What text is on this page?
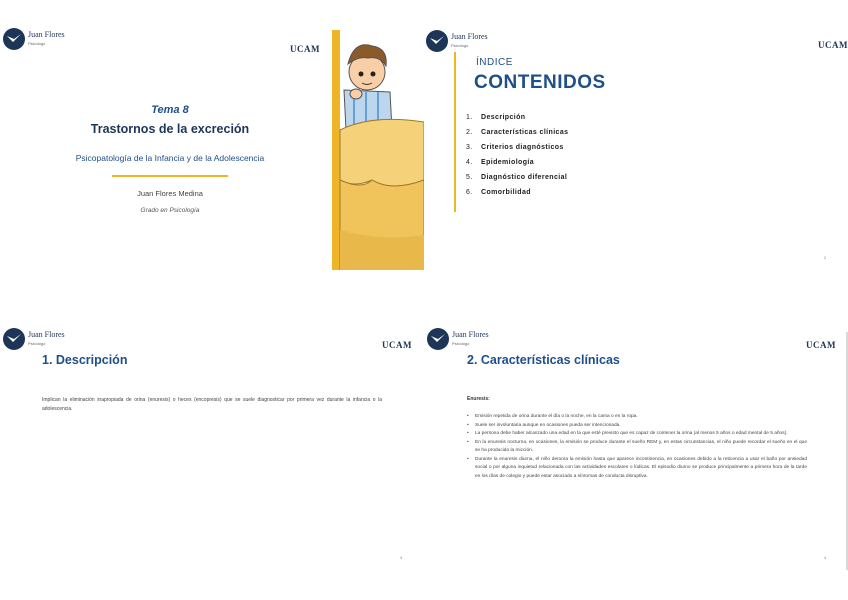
Juan Flores
Psicólogo
UCAM
Tema 8
Trastornos de la excreción
Psicopatología de la Infancia y de la Adolescencia
Juan Flores Medina
Grado en Psicología
Juan Flores
Psicólogo	UCAM
ÍNDICE
CONTENIDOS
1. Descripción
2. Características clínicas
3. Criterios diagnósticos
4. Epidemiología
5. Diagnóstico diferencial
6. Comorbilidad
2
Juan Flores
Psicólogo	UCAM
1. Descripción
Implican la eliminación inapropiada de orina (enuresis) o heces (encopresis) que se suele diagnosticar por primera vez durante la infancia o la adolescencia.
3
Juan Flores
Psicólogo	UCAM
2. Características clínicas
Enuresis:
• Emisión repetida de orina durante el día o la noche, en la cama o en la ropa.
• Suele ser involuntaria aunque en ocasiones pueda ser intencionada.
• La persona debe haber alcanzado una edad en la que esté previsto que es capaz de contener la orina (al menos 5 años o edad mental de 5 años).
• En la enuresis nocturna, en ocasiones, la emisión se produce durante el sueño REM y, en estas circunstancias, el niño puede recordar el sueño en el que se ha producido la micción.
• Durante la enuresis diurna, el niño demora la emisión hasta que aparece incontinencia, en ocasiones debido a la reticencia a usar el baño por ansiedad social o por alguna inquietud relacionada con las actividades escolares o lúdicas. El episodio diurno se produce principalmente a primera hora de la tarde en los días de colegio y puede estar asociado a síntomas de conducta disruptiva.
4
